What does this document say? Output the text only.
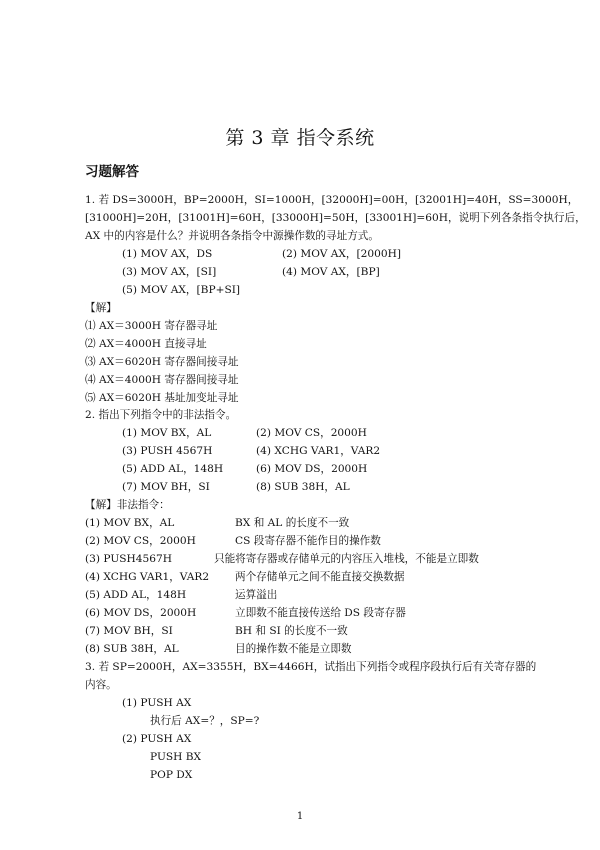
第 3 章 指令系统
习题解答
1. 若 DS=3000H，BP=2000H，SI=1000H，[32000H]=00H，[32001H]=40H，SS=3000H，
[31000H]=20H，[31001H]=60H，[33000H]=50H，[33001H]=60H，说明下列各条指令执行后，
AX 中的内容是什么？并说明各条指令中源操作数的寻址方式。
(1) MOV AX，DS	(2) MOV AX，[2000H]
(3) MOV AX，[SI]	(4) MOV AX，[BP]
(5) MOV AX，[BP+SI]
【解】
⑴ AX＝3000H 寄存器寻址
⑵ AX＝4000H 直接寻址
⑶ AX＝6020H 寄存器间接寻址
⑷ AX＝4000H 寄存器间接寻址
⑸ AX＝6020H 基址加变址寻址
2. 指出下列指令中的非法指令。
(1) MOV BX，AL	(2) MOV CS，2000H
(3) PUSH 4567H	(4) XCHG VAR1，VAR2
(5) ADD AL，148H	(6) MOV DS，2000H
(7) MOV BH，SI	(8) SUB 38H，AL
【解】非法指令：
(1) MOV BX，AL	BX 和 AL 的长度不一致
(2) MOV CS，2000H	CS 段寄存器不能作目的操作数
(3) PUSH4567H	只能将寄存器或存储单元的内容压入堆栈，不能是立即数
(4) XCHG VAR1，VAR2 两个存储单元之间不能直接交换数据
(5) ADD AL，148H	运算溢出
(6) MOV DS，2000H	立即数不能直接传送给 DS 段寄存器
(7) MOV BH，SI	BH 和 SI 的长度不一致
(8) SUB 38H，AL	目的操作数不能是立即数
3. 若 SP=2000H，AX=3355H，BX=4466H，试指出下列指令或程序段执行后有关寄存器的
内容。
(1) PUSH AX
执行后 AX=？，SP=?
(2) PUSH AX
PUSH BX
POP DX
1
